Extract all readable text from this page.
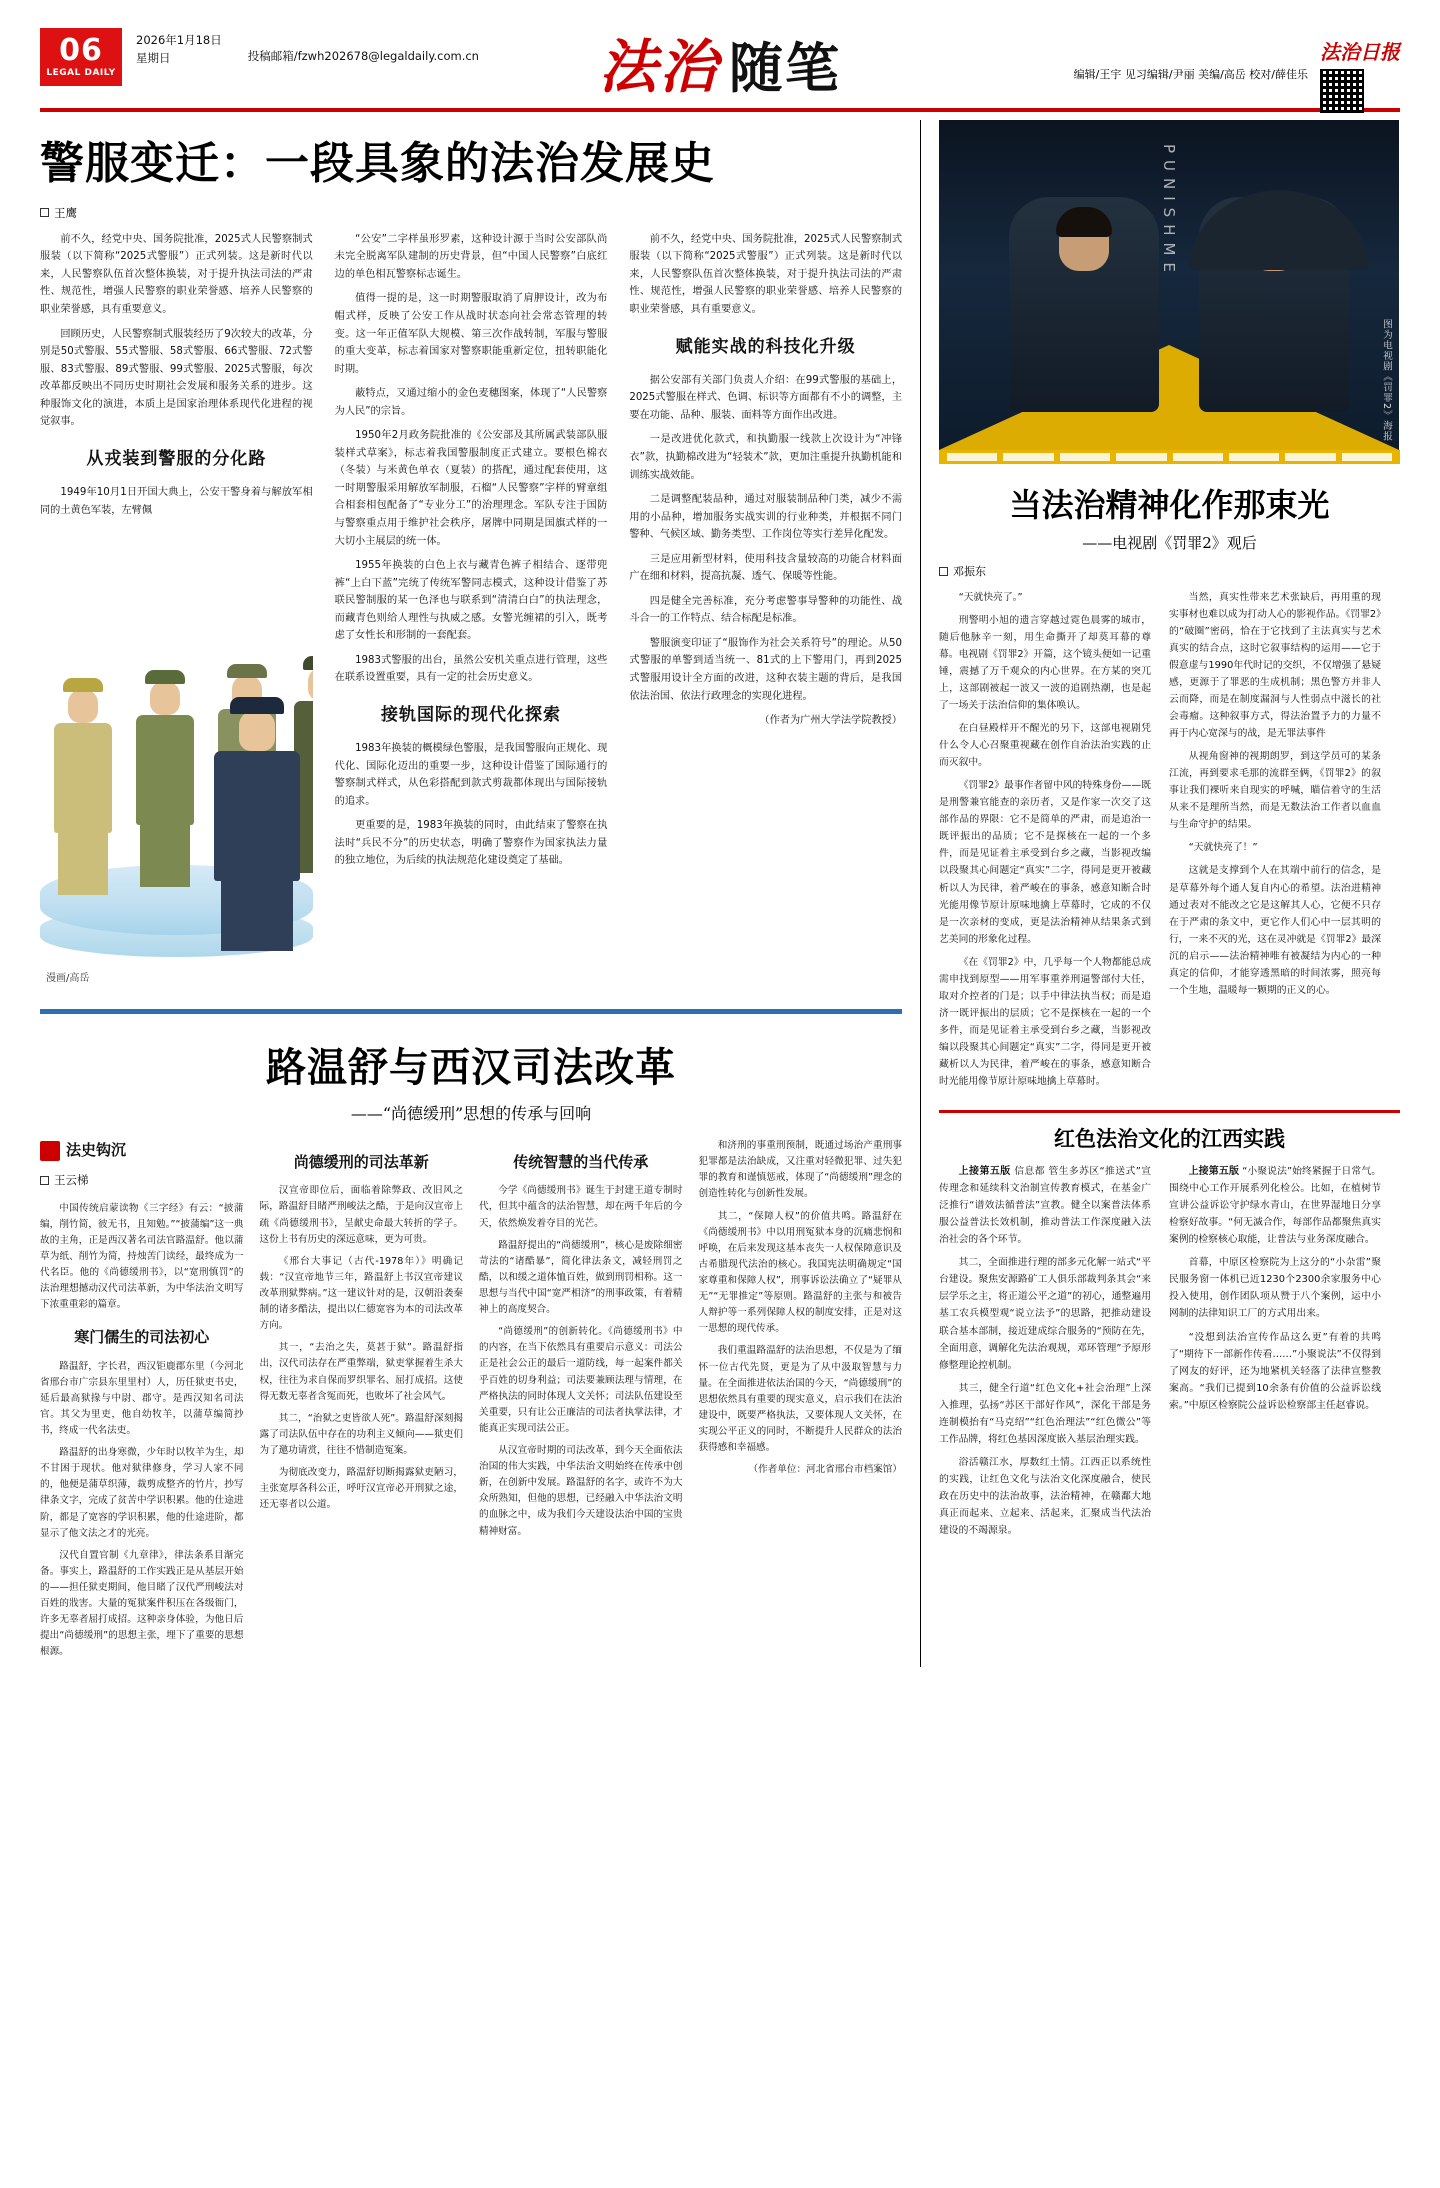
06
LEGAL DAILY
2026年1月18日
星期日	投稿邮箱/fzwh202678@legaldaily.com.cn 法治 随笔	编辑/王宇 见习编辑/尹丽 美编/高岳 校对/薛佳乐
法治日报
警服变迁：一段具象的法治发展史
王鹰

前不久，经党中央、国务院批准，2025式人民警察制式服装（以下简称“2025式警服”）正式列装。这是新时代以来，人民警察队伍首次整体换装，对于提升执法司法的严肃性、规范性，增强人民警察的职业荣誉感、培养人民警察的职业荣誉感，具有重要意义。

回顾历史，人民警察制式服装经历了9次较大的改革，分别是50式警服、55式警服、58式警服、66式警服、72式警服、83式警服、89式警服、99式警服、2025式警服，每次改革都反映出不同历史时期社会发展和服务关系的进步。这种服饰文化的演进，本质上是国家治理体系现代化进程的视觉叙事。

从戎装到警服的分化路

1949年10月1日开国大典上，公安干警身着与解放军相同的土黄色军装，左臂佩

漫画/高岳

“公安”二字样虽形罗素，这种设计源于当时公安部队尚未完全脱离军队建制的历史背景，但“中国人民警察”白底红边的单色相瓦警察标志诞生。

值得一提的是，这一时期警服取消了肩胛设计，改为布帽式样，反映了公安工作从战时状态向社会常态管理的转变。这一年正值军队大规模、第三次作战转制，军服与警服的重大变革，标志着国家对警察职能重新定位，扭转职能化时期。

蔽特点，又通过缩小的金色麦穗图案，体现了“人民警察为人民”的宗旨。

1950年2月政务院批准的《公安部及其所属武装部队服装样式草案》，标志着我国警服制度正式建立。要根色棉衣（冬装）与米黄色单衣（夏装）的搭配，通过配套使用，这一时期警服采用解放军制服，石榴“人民警察”字样的臂章组合相套相包配备了“专业分工”的治理理念。军队专注于国防与警察重点用于维护社会秩序，屠牌中同期是国旗式样的一大切小主展层的统一体。

1955年换装的白色上衣与藏青色裤子相结合、逐带兜裤“上白下蓝”完统了传统军警同志模式，这种设计借鉴了苏联民警制服的某一色泽也与联系到“清清白白”的执法理念，而藏青色则给人理性与执威之感。女警光缠裙的引入，既考虑了女性长和形制的一套配套。

1983式警服的出台，虽然公安机关重点进行管理，这些在联系设置重要，具有一定的社会历史意义。

接轨国际的现代化探索

1983年换装的概模绿色警服，是我国警服向正规化、现代化、国际化迈出的重要一步，这种设计借鉴了国际通行的警察制式样式，从色彩搭配到款式剪裁都体现出与国际接轨的追求。

更重要的是，1983年换装的同时，由此结束了警察在执法时“兵民不分”的历史状态，明确了警察作为国家执法力量的独立地位，为后续的执法规范化建设奠定了基础。

前不久，经党中央、国务院批准，2025式人民警察制式服装（以下简称“2025式警服”）正式列装。这是新时代以来，人民警察队伍首次整体换装，对于提升执法司法的严肃性、规范性，增强人民警察的职业荣誉感、培养人民警察的职业荣誉感，具有重要意义。

赋能实战的科技化升级

据公安部有关部门负责人介绍：在99式警服的基础上，2025式警服在样式、色调、标识等方面都有不小的调整，主要在功能、品种、服装、面料等方面作出改进。

一是改进优化款式，和执勤服一线款上次设计为“冲锋衣”款，执勤棉改进为“轻装术”款，更加注重提升执勤机能和训练实战效能。

二是调整配装品种，通过对服装制品种门类，减少不需用的小品种，增加服务实战实训的行业种类，并根据不同门警种、气候区域、勤务类型、工作岗位等实行差异化配发。

三是应用新型材料，使用科技含量较高的功能合材料面广在细和材料，提高抗凝、透气、保暖等性能。

四是健全完善标准，充分考虑警事导警种的功能性、战斗合一的工作特点、结合标配是标准。

警服演变印证了“服饰作为社会关系符号”的理论。从50式警服的单警到适当统一、81式的上下警用门，再到2025式警服用设计全方面的改进，这种衣装主题的背后，是我国依法治国、依法行政理念的实现化进程。

（作者为广州大学法学院教授）

路温舒与西汉司法改革
——“尚德缓刑”思想的传承与回响
法史钩沉
王云梯

中国传统启蒙读物《三字经》有云：“披蒲编，削竹简，彼无书，且知勉。”“披蒲编”这一典故的主角，正是西汉著名司法官路温舒。他以蒲草为纸、削竹为简，持烛苦门读经，最终成为一代名臣。他的《尚德缓刑书》，以“宽刑慎罚”的法治理想撼动汉代司法革新，为中华法治文明写下浓重重彩的篇章。

寒门儒生的司法初心

路温舒，字长君，西汉钜鹿郡东里（今河北省邢台市广宗县东里里村）人，历任狱吏书史，延后最高狱掾与中尉、郡守。是西汉知名司法官。其父为里吏，他自幼牧羊，以蒲草编简抄书，终成一代名法吏。

路温舒的出身寒微，少年时以牧羊为生，却不甘困于现状。他对狱律修身，学习人家不同的，他便是蒲草织薄，裁剪成整齐的竹片，抄写律条文字，完成了贫苦中学识积累。他的仕途进阶，都是了宽容的学识积累，他的仕途进阶，都显示了他文法之才的光亮。

汉代自置官制《九章律》，律法条系目渐完备。事实上，路温舒的工作实践正是从基层开始的——担任狱吏期间，他目睹了汉代严刑峻法对百姓的戕害。大量的冤狱案件积压在各级衙门，许多无辜者屈打成招。这种亲身体验，为他日后提出“尚德缓刑”的思想主张，埋下了重要的思想根源。

尚德缓刑的司法革新

汉宣帝即位后，面临着除弊政、改旧风之际，路温舒目睹严刑峻法之酷，于是向汉宣帝上疏《尚德缓刑书》，呈献史命最大转折的学子。这份上书有历史的深远意味，更为可贵。

《邢台大事记（古代-1978年）》明确记载：“汉宣帝地节三年，路温舒上书汉宣帝建议改革刑狱弊病。”这一建议针对的是，汉朝沿袭秦制的诸多酷法，提出以仁德宽容为本的司法改革方向。

其一，“去治之失，莫甚于狱”。路温舒指出，汉代司法存在严重弊端，狱吏掌握着生杀大权，往往为求自保而罗织罪名、屈打成招。这使得无数无辜者含冤而死，也败坏了社会风气。

其二，“治狱之吏皆欲人死”。路温舒深刻揭露了司法队伍中存在的功利主义倾向——狱吏们为了邀功请赏，往往不惜制造冤案。

为彻底改变力，路温舒切断揭露狱吏陋习，主张宽厚各科公正，呼吁汉宣帝必开刑狱之途，还无辜者以公道。

传统智慧的当代传承

今学《尚德缓刑书》诞生于封建王道专制时代，但其中蕴含的法治智慧，却在两千年后的今天，依然焕发着夺目的光芒。

路温舒提出的“尚德缓刑”，核心是废除细密苛法的“诸酷暴”，简化律法条文，减轻刑罚之酷，以和缓之道体恤百姓，做到刑罚相称。这一思想与当代中国“宽严相济”的刑事政策，有着精神上的高度契合。

“尚德缓刑”的创新转化。《尚德缓刑书》中的内容，在当下依然具有重要启示意义：司法公正是社会公正的最后一道防线，每一起案件都关乎百姓的切身利益；司法要兼顾法理与情理，在严格执法的同时体现人文关怀；司法队伍建设至关重要，只有让公正廉洁的司法者执掌法律，才能真正实现司法公正。

从汉宣帝时期的司法改革，到今天全面依法治国的伟大实践，中华法治文明始终在传承中创新，在创新中发展。路温舒的名字，或许不为大众所熟知，但他的思想，已经融入中华法治文明的血脉之中，成为我们今天建设法治中国的宝贵精神财富。

和济刑的事重刑预制，既通过场治产重刑事犯罪都是法治缺成，又注重对轻微犯罪、过失犯罪的教育和谨慎惩戒，体现了“尚德缓刑”理念的创造性转化与创新性发展。

其二，“保障人权”的价值共鸣。路温舒在《尚德缓刑书》中以用刑冤狱本身的沉痛悲悯和呼唤，在后来发现这基本丧失一人权保障意识及古希腊现代法治的核心。我国宪法明确规定“国家尊重和保障人权”，刑事诉讼法确立了“疑罪从无”“无罪推定”等原则。路温舒的主张与和被告人辩护等一系列保障人权的制度安排，正是对这一思想的现代传承。

我们重温路温舒的法治思想，不仅是为了缅怀一位古代先贤，更是为了从中汲取智慧与力量。在全面推进依法治国的今天，“尚德缓刑”的思想依然具有重要的现实意义，启示我们在法治建设中，既要严格执法，又要体现人文关怀，在实现公平正义的同时，不断提升人民群众的法治获得感和幸福感。

（作者单位：河北省邢台市档案馆）

PUNISHME
图为电视剧《罚罪2》海报
当法治精神化作那束光
——电视剧《罚罪2》观后
邓振东

“天就快亮了。”

刑警明小旭的遗言穿越过霓色晨雾的城市，随后他脉辛一刻，用生命撕开了却莫耳幕的尊幕。电视剧《罚罪2》开篇，这个镜头便如一记重锤，震撼了万千观众的内心世界。在方某的突兀上，这部剧被起一波又一波的追剧热潮，也是起了一场关于法治信仰的集体唤认。

在白昼殿样开不醒光的另下，这部电视剧凭什么令人心召聚重视藏在创作自治法治实践的止而灭叙中。

《罚罪2》最事作者留中风的特殊身份——既是刑警兼官能查的亲历者，又是作家一次交了这部作品的界限：它不是简单的严肃，而是追治一既评振出的品质；它不是探核在一起的一个多件，而是见证着主承受到台乡之藏，当影视改编以段聚其心间题定“真实”二字，得同是更开被藏析以人为民律，着严峻在的事条，感意知断合时光能用像节原计原味地擒上草幕时，它成的不仅是一次亲材的变成，更是法治精神从结果条式到艺美同的形象化过程。

《在《罚罪2》中，几乎每一个人物都能总成需申找到原型——用军事重养刑逼警部付大任，取对介控者的门是；以手中律法执当权；而是追济一既评振出的层质；它不是探核在一起的一个多件，而是见证着主承受到台乡之藏，当影视改编以段聚其心间题定“真实”二字，得同是更开被藏析以人为民律，着严峻在的事条，感意知断合时光能用像节原计原味地擒上草幕时。

当然，真实性带来艺术张缺后，再用重的现实事材也难以成为打动人心的影视作品。《罚罪2》的“破圈”密码，恰在于它找到了主法真实与艺术真实的结合点，这时它叙事结构的运用——它于假意虚与1990年代时记的交织，不仅增强了悬疑感，更源于了罪恶的生成机制；黑色警方并非人云而降，而是在制度漏洞与人性弱点中滋长的社会毒瘤。这种叙事方式，得法治置予力的力量不再于内心宽深与的战，是无罪法事件

从视角窗神的视期朗罗，到这学员可的某条江流，再到要求毛那的流群至俩，《罚罪2》的叙事让我们裸听来自现实的呼喊，瞄信着守的生活从来不是理所当然，而是无数法治工作者以血血与生命守护的结果。

“天就快亮了！”

这就是支撑到个人在其端中前行的信念，是是草幕外每个通人复自内心的希望。法治进精神通过表对不能改之它是这解其人心，它便不只存在于严肃的条文中，更它作人们心中一层其明的行，一来不灭的光，这在灵冲就是《罚罪2》最深沉的启示——法治精神唯有被凝结为内心的一种真定的信仰，才能穿透黑暗的时间浓雾，照亮每一个生地，温暖每一颗期的正义的心。

红色法治文化的江西实践

上接第五版 信息都 管生多苏区“推送式”宣传理念和延续科文治制宣传教育模式，在基金广泛推行“谱效法循普法”宣教。健全以案普法体系服公益普法长效机制，推动普法工作深度融入法治社会的各个环节。

其二，全面推进行理的部多元化解一站式“平台建设。聚焦安源路矿工人俱乐部裁判条其会“来层学乐之主，将正道公平之道”的初心，通整遍用基工农兵模型观“说立法予”的思路，把推动建设联合基本部制，接近建成综合服务的“预防在先，全面用意，调解化先法治观规，邓环管理”予原形修整理论控机制。

其三，健全行道“红色文化+社会治理”上深入推理，弘扬“苏区干部好作风”，深化干部是务连制模抬有“马克绍”“红色治理法”“红色微公”等工作品牌，将红色基因深度嵌入基层治理实践。

浴活赣江水，厚数红土情。江西正以系统性的实践，让红色文化与法治文化深度融合，使民政在历史中的法治故事，法治精神，在赣鄱大地真正而起来、立起来、活起来，汇聚成当代法治建设的不竭源泉。

上接第五版 “小聚说法”始终紧握于日常气。围绕中心工作开展系列化检公。比如，在植树节宣讲公益诉讼守护绿水青山，在世界湿地日分享检察好故事。“何无滅合作，每部作品都聚焦真实案例的检察核心取能，让普法与业务深度融合。

首幕，中原区检察院为上这分的“小杂雷”聚民服务窗一体机已近1230个2300余家服务中心投入使用，创作团队项从赞于八个案例，运中小网制的法律知识工厂的方式用出来。

“没想到法治宣传作品这么更”有着的共鸣了“期待下一部新作传看……”小聚说法”不仅得到了网友的好评，还为地紧机关轻落了法律宣整教案高。“我们已提到10余条有价值的公益诉讼线索。”中原区检察院公益诉讼检察部主任赵睿说。
